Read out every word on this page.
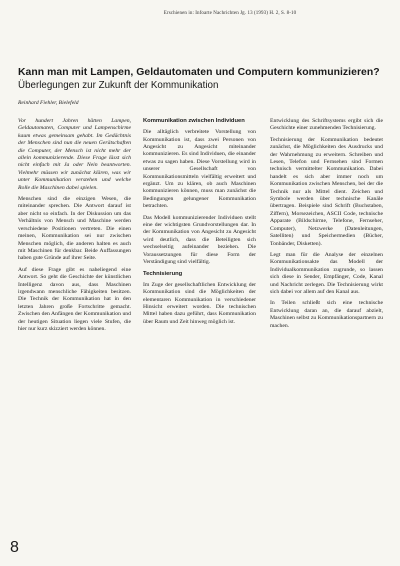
Erschienen in: Infoarte Nachrichten Jg. 13 (1993) H. 2, S. 8-10
Kann man mit Lampen, Geldautomaten und Computern kommunizieren?
Überlegungen zur Zukunft der Kommunikation
Reinhard Fiehler, Bielefeld

Vor hundert Jahren hätten Lampen, Geldautomaten, Computer und Lampenschirme kaum etwas gemeinsam gehabt. Im Gedächtnis der Menschen sind nun die neuen Gerätschaften die Computer, der Mensch ist nicht mehr der allein kommunizierende. Diese Frage lässt sich nicht einfach mit Ja oder Nein beantworten. Vielmehr müssen wir zunächst klären, was wir unter Kommunikation verstehen und welche Rolle die Maschinen dabei spielen.

Menschen sind die einzigen Wesen, die miteinander sprechen. Die Antwort darauf ist aber nicht so einfach. In der Diskussion um das Verhältnis von Mensch und Maschine werden verschiedene Positionen vertreten. Die einen meinen, Kommunikation sei nur zwischen Menschen möglich, die anderen halten es auch mit Maschinen für denkbar. Beide Auffassungen haben gute Gründe auf ihrer Seite.

Auf diese Frage gibt es naheliegend eine Antwort. So geht die Geschichte der künstlichen Intelligenz davon aus, dass Maschinen irgendwann menschliche Fähigkeiten besitzen. Die Technik der Kommunikation hat in den letzten Jahren große Fortschritte gemacht. Zwischen den Anfängen der Kommunikation und der heutigen Situation liegen viele Stufen, die hier nur kurz skizziert werden können.

Kommunikation zwischen Individuen

Die alltäglich verbreitete Vorstellung von Kommunikation ist, dass zwei Personen von Angesicht zu Angesicht miteinander kommunizieren. Es sind Individuen, die einander etwas zu sagen haben. Diese Vorstellung wird in unserer Gesellschaft von Kommunikationsmitteln vielfältig erweitert und ergänzt. Um zu klären, ob auch Maschinen kommunizieren können, muss man zunächst die Bedingungen gelungener Kommunikation betrachten.

Das Modell kommunizierender Individuen stellt eine der wichtigsten Grundvorstellungen dar. In der Kommunikation von Angesicht zu Angesicht wird deutlich, dass die Beteiligten sich wechselseitig aufeinander beziehen. Die Voraussetzungen für diese Form der Verständigung sind vielfältig.

Technisierung

Im Zuge der gesellschaftlichen Entwicklung der Kommunikation sind die Möglichkeiten der elementaren Kommunikation in verschiedener Hinsicht erweitert worden. Die technischen Mittel haben dazu geführt, dass Kommunikation über Raum und Zeit hinweg möglich ist.

Entwicklung des Schriftsystems ergibt sich die Geschichte einer zunehmenden Technisierung.

Technisierung der Kommunikation bedeutet zunächst, die Möglichkeiten des Ausdrucks und der Wahrnehmung zu erweitern. Schreiben und Lesen, Telefon und Fernsehen sind Formen technisch vermittelter Kommunikation. Dabei handelt es sich aber immer noch um Kommunikation zwischen Menschen, bei der die Technik nur als Mittel dient. Zeichen und Symbole werden über technische Kanäle übertragen. Beispiele sind Schrift (Buchstaben, Ziffern), Morsezeichen, ASCII Code, technische Apparate (Bildschirme, Telefone, Fernseher, Computer), Netzwerke (Datenleitungen, Satelliten) und Speichermedien (Bücher, Tonbänder, Disketten).

Legt man für die Analyse der einzelnen Kommunikationsakte das Modell der Individualkommunikation zugrunde, so lassen sich diese in Sender, Empfänger, Code, Kanal und Nachricht zerlegen. Die Technisierung wirkt sich dabei vor allem auf den Kanal aus.

In Teilen schließt sich eine technische Entwicklung daran an, die darauf abzielt, Maschinen selbst zu Kommunikationspartnern zu machen.

8
